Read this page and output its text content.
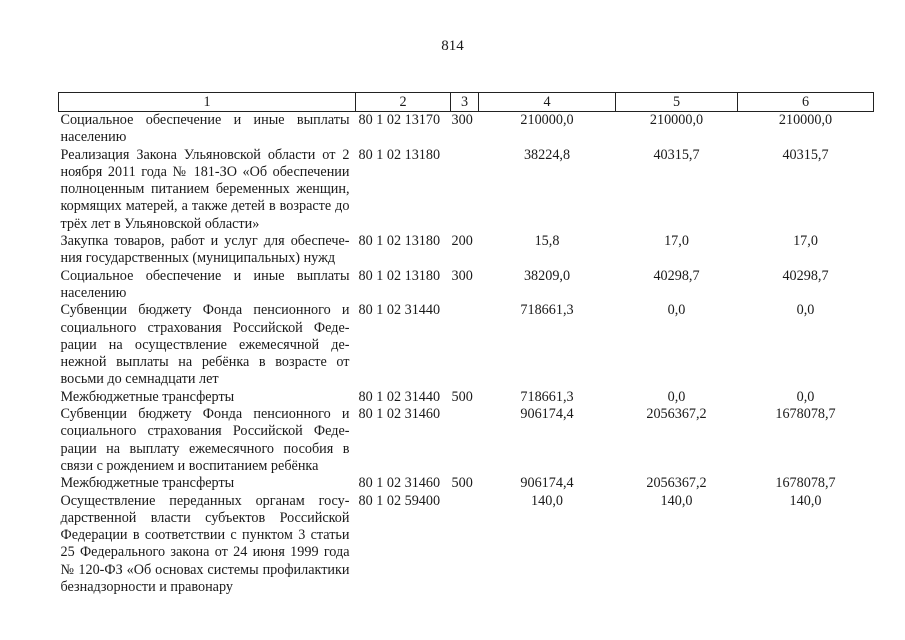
814
1	2	3	4	5	6
Социальное обеспечение и иные выплаты населению	80 1 02 13170	300	210000,0	210000,0	210000,0
Реализация Закона Ульяновской области от 2 ноября 2011 года № 181-ЗО «Об обеспечении полноценным питанием беременных женщин, кормящих матерей, а также детей в возрасте до трёх лет в Ульяновской области»	80 1 02 13180		38224,8	40315,7	40315,7
Закупка товаров, работ и услуг для обеспечения государственных (муниципальных) нужд	80 1 02 13180	200	15,8	17,0	17,0
Социальное обеспечение и иные выплаты населению	80 1 02 13180	300	38209,0	40298,7	40298,7
Субвенции бюджету Фонда пенсионного и социального страхования Российской Федерации на осуществление ежемесячной денежной выплаты на ребёнка в возрасте от восьми до семнадцати лет	80 1 02 31440		718661,3	0,0	0,0
Межбюджетные трансферты	80 1 02 31440	500	718661,3	0,0	0,0
Субвенции бюджету Фонда пенсионного и социального страхования Российской Федерации на выплату ежемесячного пособия в связи с рождением и воспитанием ребёнка	80 1 02 31460		906174,4	2056367,2	1678078,7
Межбюджетные трансферты	80 1 02 31460	500	906174,4	2056367,2	1678078,7
Осуществление переданных органам государственной власти субъектов Российской Федерации в соответствии с пунктом 3 статьи 25 Федерального закона от 24 июня 1999 года № 120-ФЗ «Об основах системы профилактики безнадзорности и правонару	80 1 02 59400		140,0	140,0	140,0
